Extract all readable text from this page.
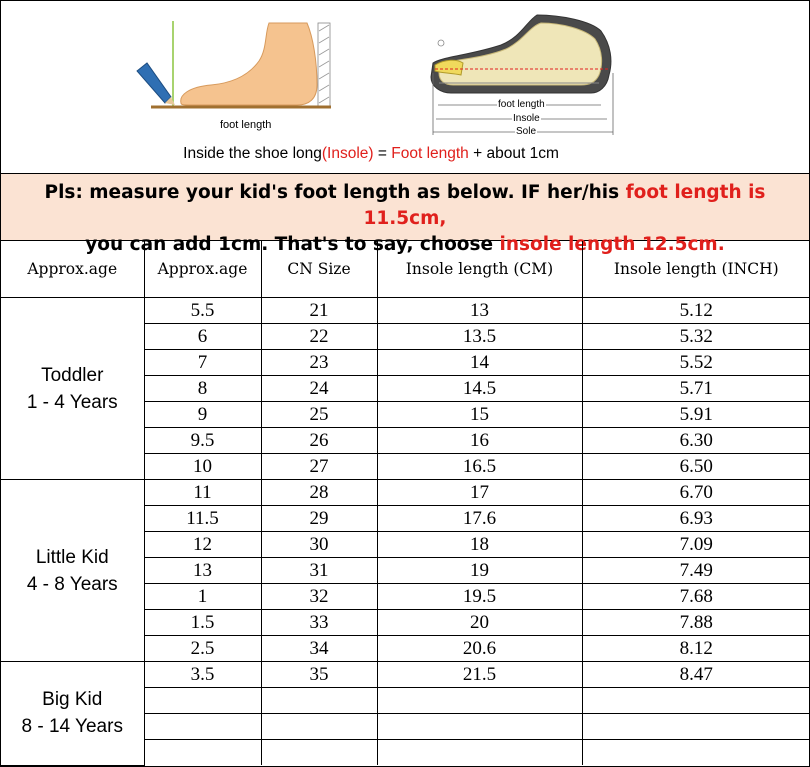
foot length
foot length
Insole
Sole
Inside the shoe long(Insole) = Foot length + about 1cm
Pls: measure your kid's foot length as below. IF her/his foot length is 11.5cm,
you can add 1cm. That's to say, choose insole length 12.5cm.
Approx.age	Approx.age	CN Size	Insole length (CM)	Insole length (INCH)

Toddler
1 - 4 Years	5.5	21	13	5.12
	6	22	13.5	5.32
	7	23	14	5.52
	8	24	14.5	5.71
	9	25	15	5.91
	9.5	26	16	6.30
	10	27	16.5	6.50

Little Kid
4 - 8 Years	11	28	17	6.70
	11.5	29	17.6	6.93
	12	30	18	7.09
	13	31	19	7.49
	1	32	19.5	7.68
	1.5	33	20	7.88
	2.5	34	20.6	8.12

Big Kid
8 - 14 Years	3.5	35	21.5	8.47
